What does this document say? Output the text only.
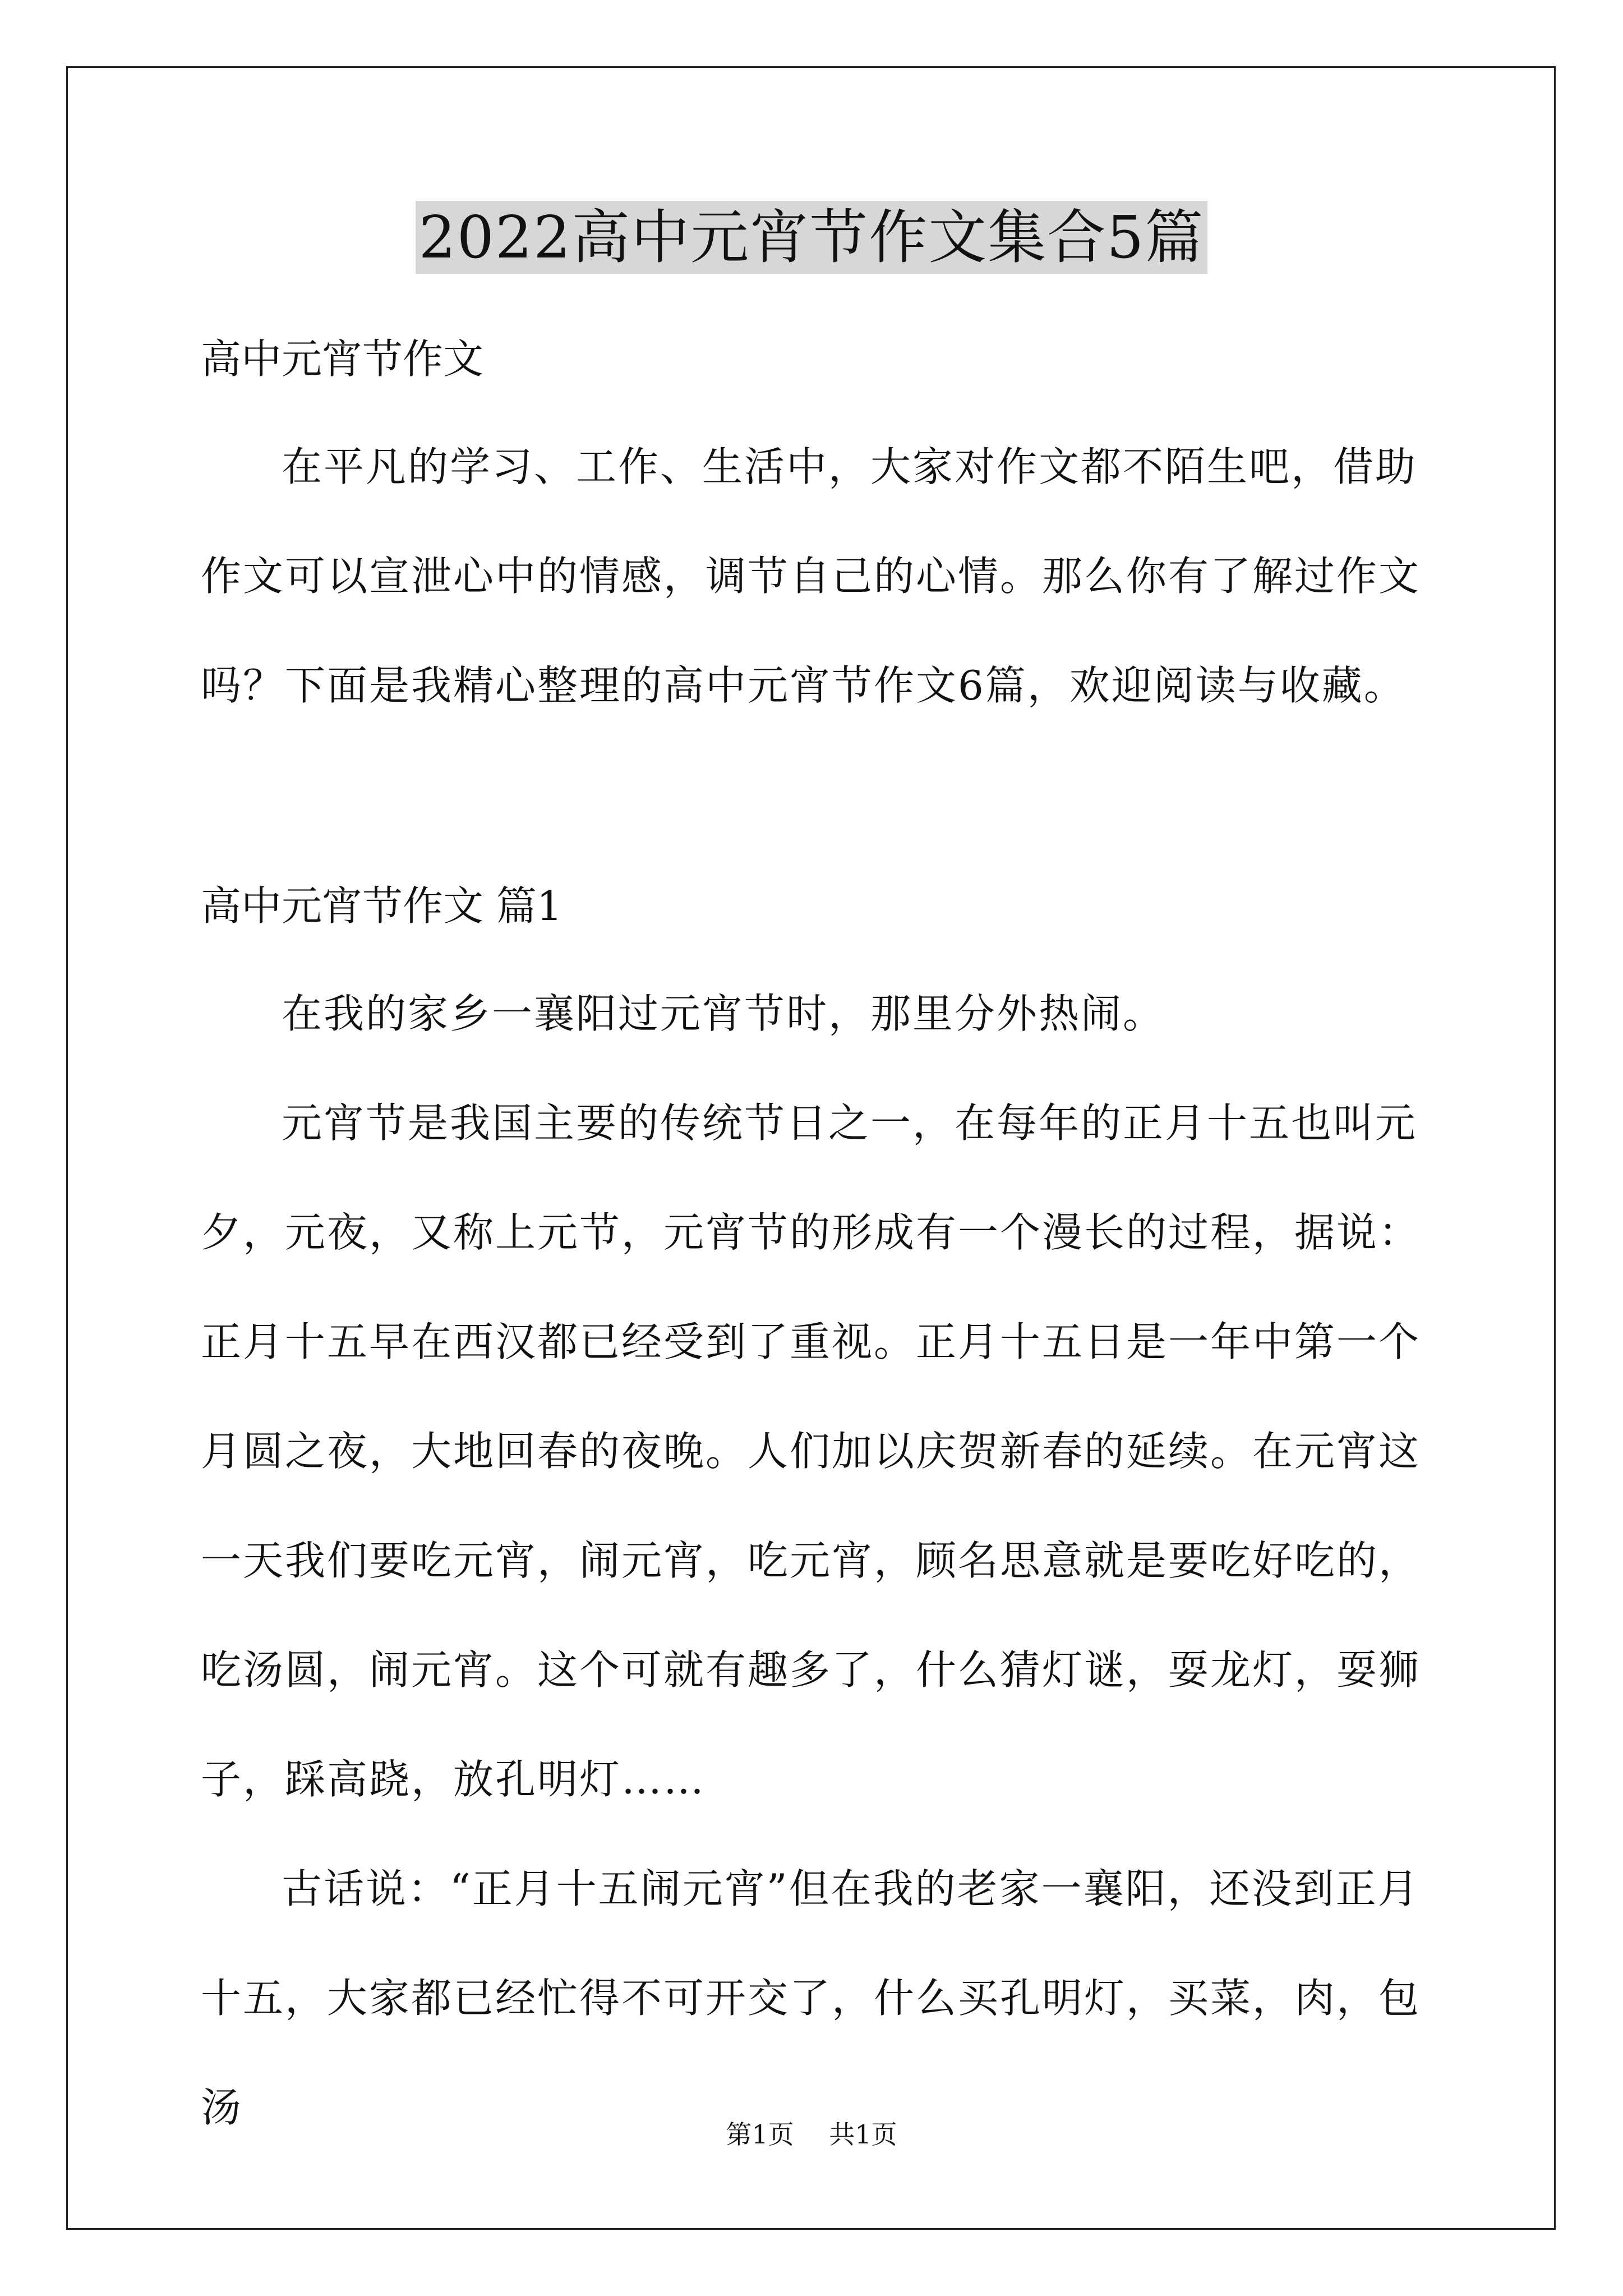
2022高中元宵节作文集合5篇

高中元宵节作文

在平凡的学习、工作、生活中，大家对作文都不陌生吧，借助作文可以宣泄心中的情感，调节自己的心情。那么你有了解过作文吗？下面是我精心整理的高中元宵节作文6篇，欢迎阅读与收藏。

高中元宵节作文 篇1

在我的家乡一襄阳过元宵节时，那里分外热闹。

元宵节是我国主要的传统节日之一，在每年的正月十五也叫元夕，元夜，又称上元节，元宵节的形成有一个漫长的过程，据说：正月十五早在西汉都已经受到了重视。正月十五日是一年中第一个月圆之夜，大地回春的夜晚。人们加以庆贺新春的延续。在元宵这一天我们要吃元宵，闹元宵，吃元宵，顾名思意就是要吃好吃的，吃汤圆，闹元宵。这个可就有趣多了，什么猜灯谜，耍龙灯，耍狮子，踩高跷，放孔明灯……

古话说：“正月十五闹元宵”但在我的老家一襄阳，还没到正月十五，大家都已经忙得不可开交了，什么买孔明灯，买菜，肉，包汤

第1页 共1页
